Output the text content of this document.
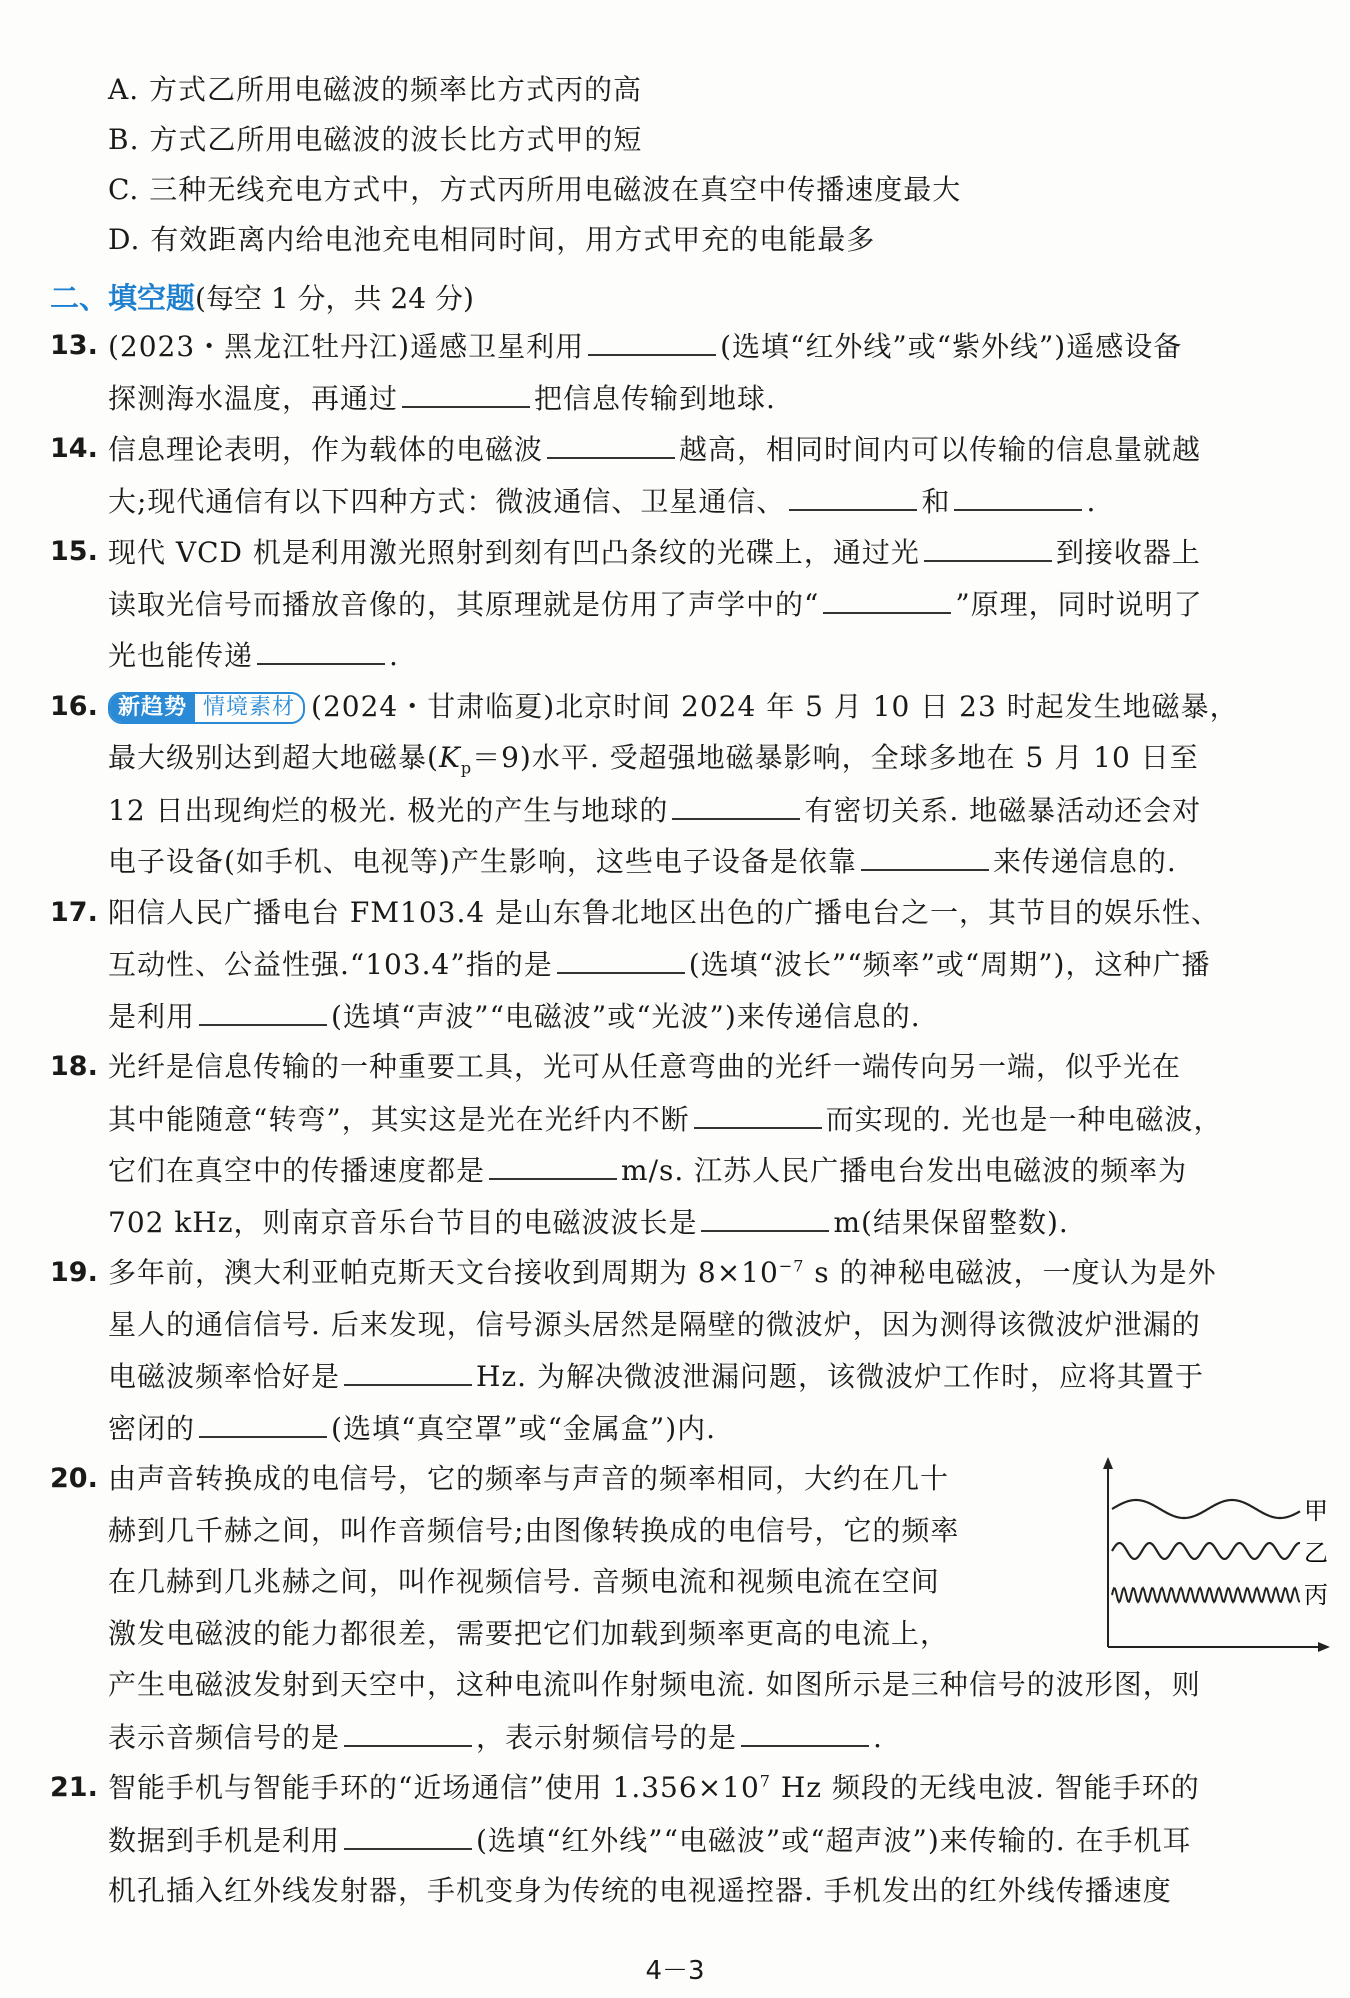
A. 方式乙所用电磁波的频率比方式丙的高
B. 方式乙所用电磁波的波长比方式甲的短
C. 三种无线充电方式中，方式丙所用电磁波在真空中传播速度最大
D. 有效距离内给电池充电相同时间，用方式甲充的电能最多
二、填空题(每空 1 分，共 24 分)
13. (2023・黑龙江牡丹江)遥感卫星利用	(选填“红外线”或“紫外线”)遥感设备
探测海水温度，再通过	把信息传输到地球.
14. 信息理论表明，作为载体的电磁波	越高，相同时间内可以传输的信息量就越
大;现代通信有以下四种方式：微波通信、卫星通信、	和	.
15. 现代 VCD 机是利用激光照射到刻有凹凸条纹的光碟上，通过光	到接收器上
读取光信号而播放音像的，其原理就是仿用了声学中的“	”原理，同时说明了
光也能传递	.
16. 新趋势 情境素材 (2024・甘肃临夏)北京时间 2024 年 5 月 10 日 23 时起发生地磁暴，
最大级别达到超大地磁暴$(K_p=9)$水平. 受超强地磁暴影响，全球多地在 5 月 10 日至
12 日出现绚烂的极光. 极光的产生与地球的	有密切关系. 地磁暴活动还会对
电子设备(如手机、电视等)产生影响，这些电子设备是依靠	来传递信息的.
17. 阳信人民广播电台 FM103.4 是山东鲁北地区出色的广播电台之一，其节目的娱乐性、
互动性、公益性强.“103.4”指的是	(选填“波长”“频率”或“周期”)，这种广播
是利用	(选填“声波”“电磁波”或“光波”)来传递信息的.
18. 光纤是信息传输的一种重要工具，光可从任意弯曲的光纤一端传向另一端，似乎光在
其中能随意“转弯”，其实这是光在光纤内不断	而实现的. 光也是一种电磁波，
它们在真空中的传播速度都是	m/s. 江苏人民广播电台发出电磁波的频率为
702 kHz，则南京音乐台节目的电磁波波长是	m(结果保留整数).
19. 多年前，澳大利亚帕克斯天文台接收到周期为 $8\times 10^{-7}$ s 的神秘电磁波，一度认为是外
星人的通信信号. 后来发现，信号源头居然是隔壁的微波炉，因为测得该微波炉泄漏的
电磁波频率恰好是	Hz. 为解决微波泄漏问题，该微波炉工作时，应将其置于
密闭的	(选填“真空罩”或“金属盒”)内.
20. 由声音转换成的电信号，它的频率与声音的频率相同，大约在几十
赫到几千赫之间，叫作音频信号;由图像转换成的电信号，它的频率
在几赫到几兆赫之间，叫作视频信号. 音频电流和视频电流在空间
激发电磁波的能力都很差，需要把它们加载到频率更高的电流上，
产生电磁波发射到天空中，这种电流叫作射频电流. 如图所示是三种信号的波形图，则
表示音频信号的是	，表示射频信号的是	.
甲
乙
丙
21. 智能手机与智能手环的“近场通信”使用 $1.356\times 10^7$ Hz 频段的无线电波. 智能手环的
4－3
数据到手机是利用	(选填“红外线”“电磁波”或“超声波”)来传输的. 在手机耳
机孔插入红外线发射器，手机变身为传统的电视遥控器. 手机发出的红外线传播速度
